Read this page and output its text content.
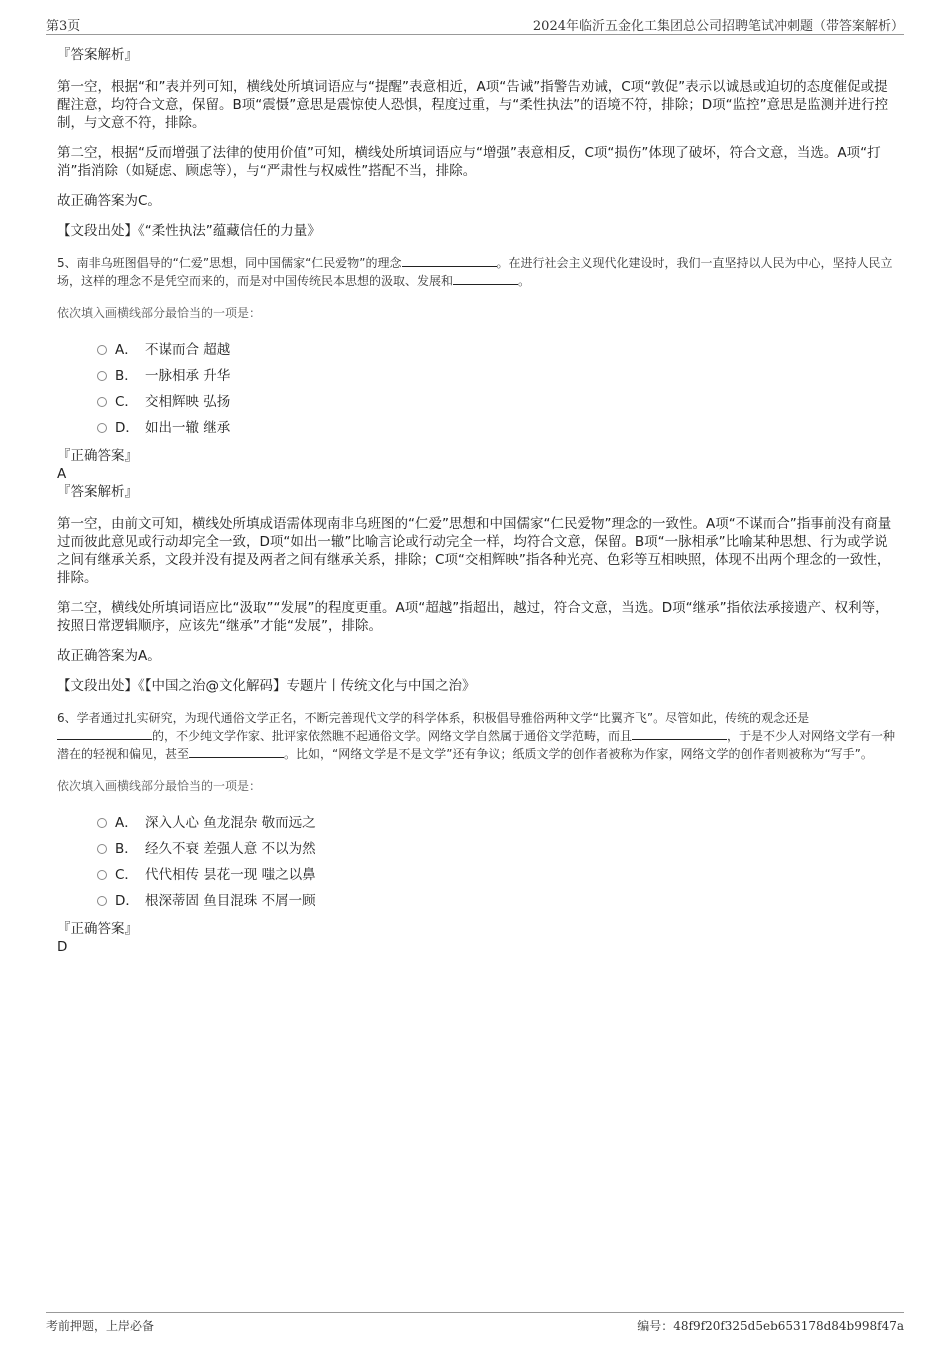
第3页	2024年临沂五金化工集团总公司招聘笔试冲刺题（带答案解析）
『答案解析』

第一空，根据“和”表并列可知，横线处所填词语应与“提醒”表意相近，A项“告诫”指警告劝诫，C项“敦促”表示以诚恳或迫切的态度催促或提醒注意，均符合文意，保留。B项“震慑”意思是震惊使人恐惧，程度过重，与“柔性执法”的语境不符，排除；D项“监控”意思是监测并进行控制，与文意不符，排除。

第二空，根据“反而增强了法律的使用价值”可知，横线处所填词语应与“增强”表意相反，C项“损伤”体现了破坏，符合文意，当选。A项“打消”指消除（如疑虑、顾虑等），与“严肃性与权威性”搭配不当，排除。

故正确答案为C。

【文段出处】《“柔性执法”蕴藏信任的力量》

5、南非乌班图倡导的“仁爱”思想，同中国儒家“仁民爱物”的理念	。在进行社会主义现代化建设时，我们一直坚持以人民为中心，坚持人民立场，这样的理念不是凭空而来的，而是对中国传统民本思想的汲取、发展和	。
依次填入画横线部分最恰当的一项是：
A． 不谋而合 超越
B． 一脉相承 升华
C． 交相辉映 弘扬
D． 如出一辙 继承
『正确答案』
A
『答案解析』

第一空，由前文可知，横线处所填成语需体现南非乌班图的“仁爱”思想和中国儒家“仁民爱物”理念的一致性。A项“不谋而合”指事前没有商量过而彼此意见或行动却完全一致，D项“如出一辙”比喻言论或行动完全一样，均符合文意，保留。B项“一脉相承”比喻某种思想、行为或学说之间有继承关系，文段并没有提及两者之间有继承关系，排除；C项“交相辉映”指各种光亮、色彩等互相映照，体现不出两个理念的一致性，排除。

第二空，横线处所填词语应比“汲取”“发展”的程度更重。A项“超越”指超出，越过，符合文意，当选。D项“继承”指依法承接遗产、权利等，按照日常逻辑顺序，应该先“继承”才能“发展”，排除。

故正确答案为A。

【文段出处】《【中国之治@文化解码】专题片丨传统文化与中国之治》

6、学者通过扎实研究，为现代通俗文学正名，不断完善现代文学的科学体系，积极倡导雅俗两种文学“比翼齐飞”。尽管如此，传统的观念还是的，不少纯文学作家、批评家依然瞧不起通俗文学。网络文学自然属于通俗文学范畴，而且	，于是不少人对网络文学有一种潜在的轻视和偏见，甚至	。比如，“网络文学是不是文学”还有争议；纸质文学的创作者被称为作家，网络文学的创作者则被称为“写手”。
依次填入画横线部分最恰当的一项是：
A． 深入人心 鱼龙混杂 敬而远之
B． 经久不衰 差强人意 不以为然
C． 代代相传 昙花一现 嗤之以鼻
D． 根深蒂固 鱼目混珠 不屑一顾
『正确答案』
D
考前押题，上岸必备	编号：48f9f20f325d5eb653178d84b998f47a
